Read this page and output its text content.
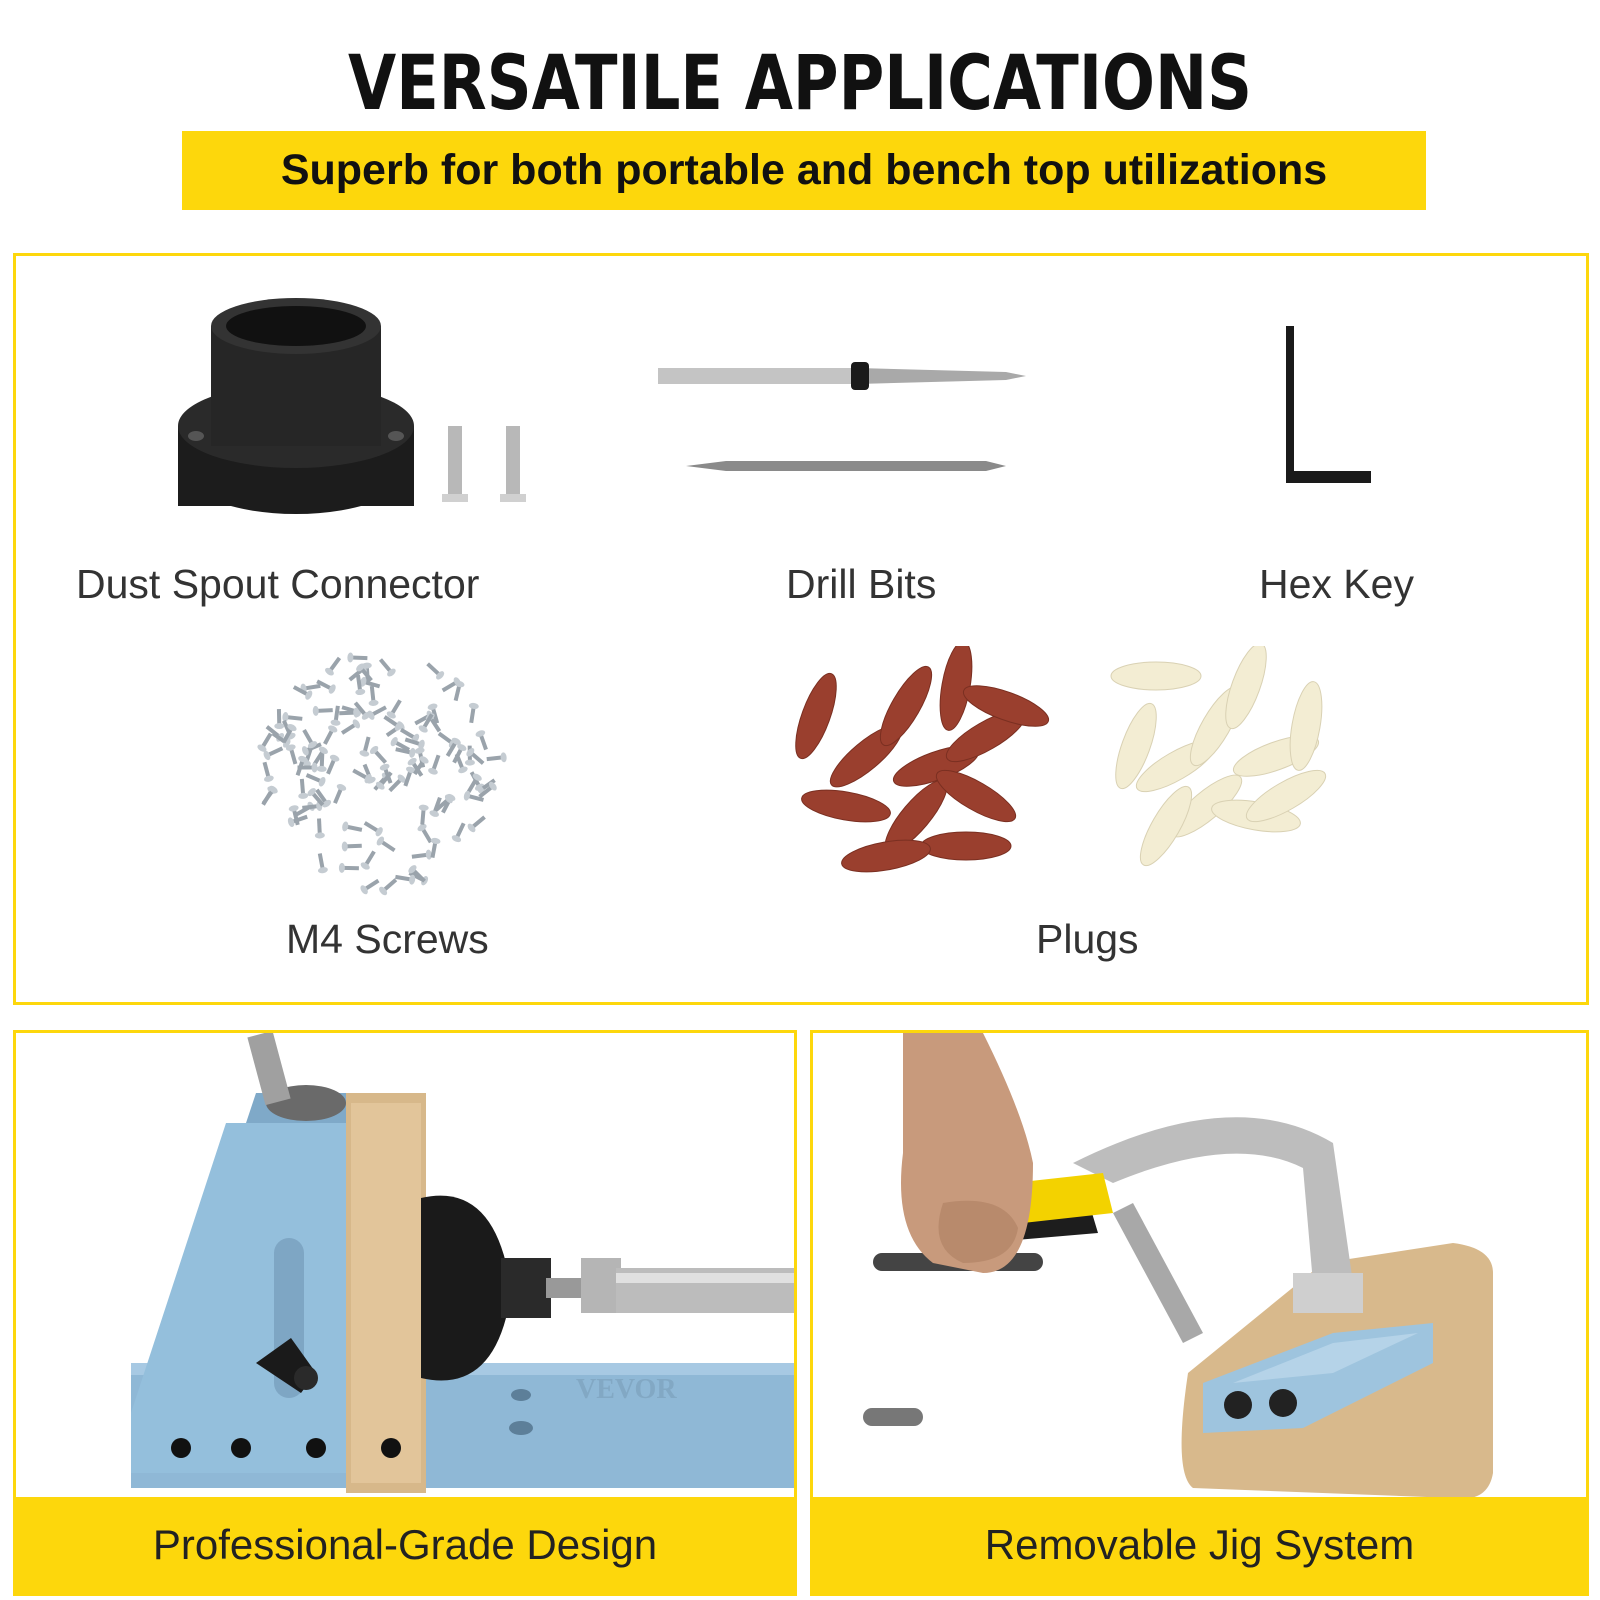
VERSATILE APPLICATIONS
Superb for both portable and bench top utilizations
Dust Spout Connector	Drill Bits	Hex Key
M4 Screws	Plugs
VEVOR
Professional-Grade Design	Removable Jig System
